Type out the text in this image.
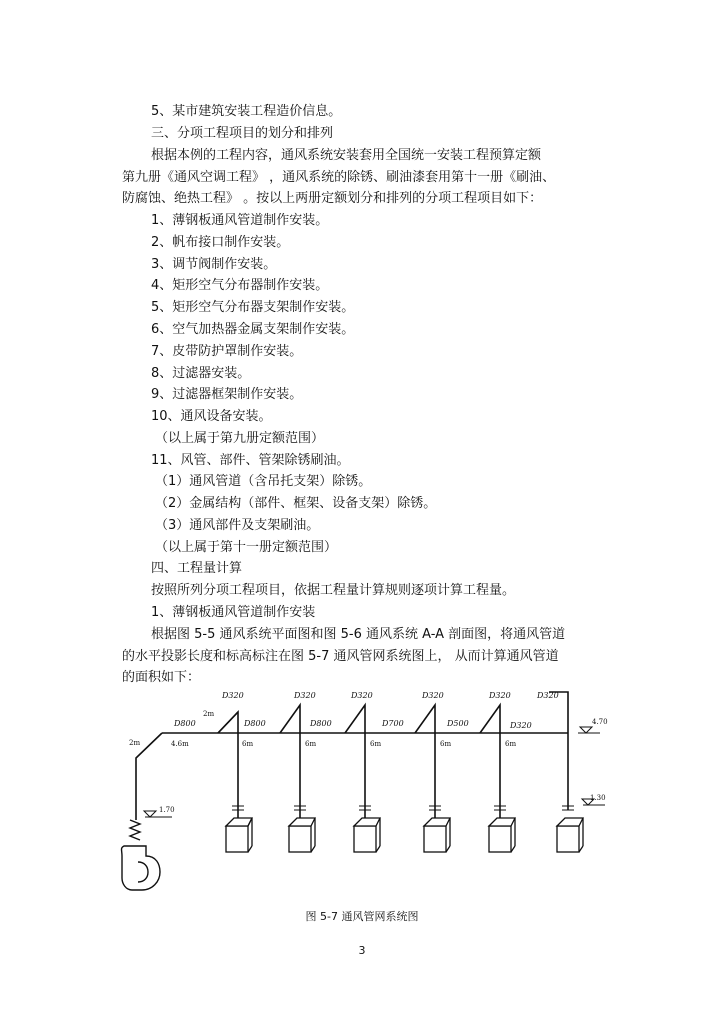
5、某市建筑安装工程造价信息。
三、分项工程项目的划分和排列
根据本例的工程内容，通风系统安装套用全国统一安装工程预算定额
第九册《通风空调工程》 ，通风系统的除锈、刷油漆套用第十一册《刷油、
防腐蚀、绝热工程》 。按以上两册定额划分和排列的分项工程项目如下：
1、薄钢板通风管道制作安装。
2、帆布接口制作安装。
3、调节阀制作安装。
4、矩形空气分布器制作安装。
5、矩形空气分布器支架制作安装。
6、空气加热器金属支架制作安装。
7、皮带防护罩制作安装。
8、过滤器安装。
9、过滤器框架制作安装。
10、通风设备安装。
（以上属于第九册定额范围）
11、风管、部件、管架除锈刷油。
（1）通风管道（含吊托支架）除锈。
（2）金属结构（部件、框架、设备支架）除锈。
（3）通风部件及支架刷油。
（以上属于第十一册定额范围）
四、工程量计算
按照所列分项工程项目，依据工程量计算规则逐项计算工程量。
1、薄钢板通风管道制作安装
根据图 5-5 通风系统平面图和图 5-6 通风系统 A-A 剖面图，将通风管道
的水平投影长度和标高标注在图 5-7 通风管网系统图上， 从而计算通风管道
的面积如下：
D320	D320	D320	D320	D320	D320
D800	D800	D800	D700	D500	D320
2m	4.6m
2m
6m	6m	6m	6m	6m
4.70
1.30
1.70
图 5-7 通风管网系统图
3
